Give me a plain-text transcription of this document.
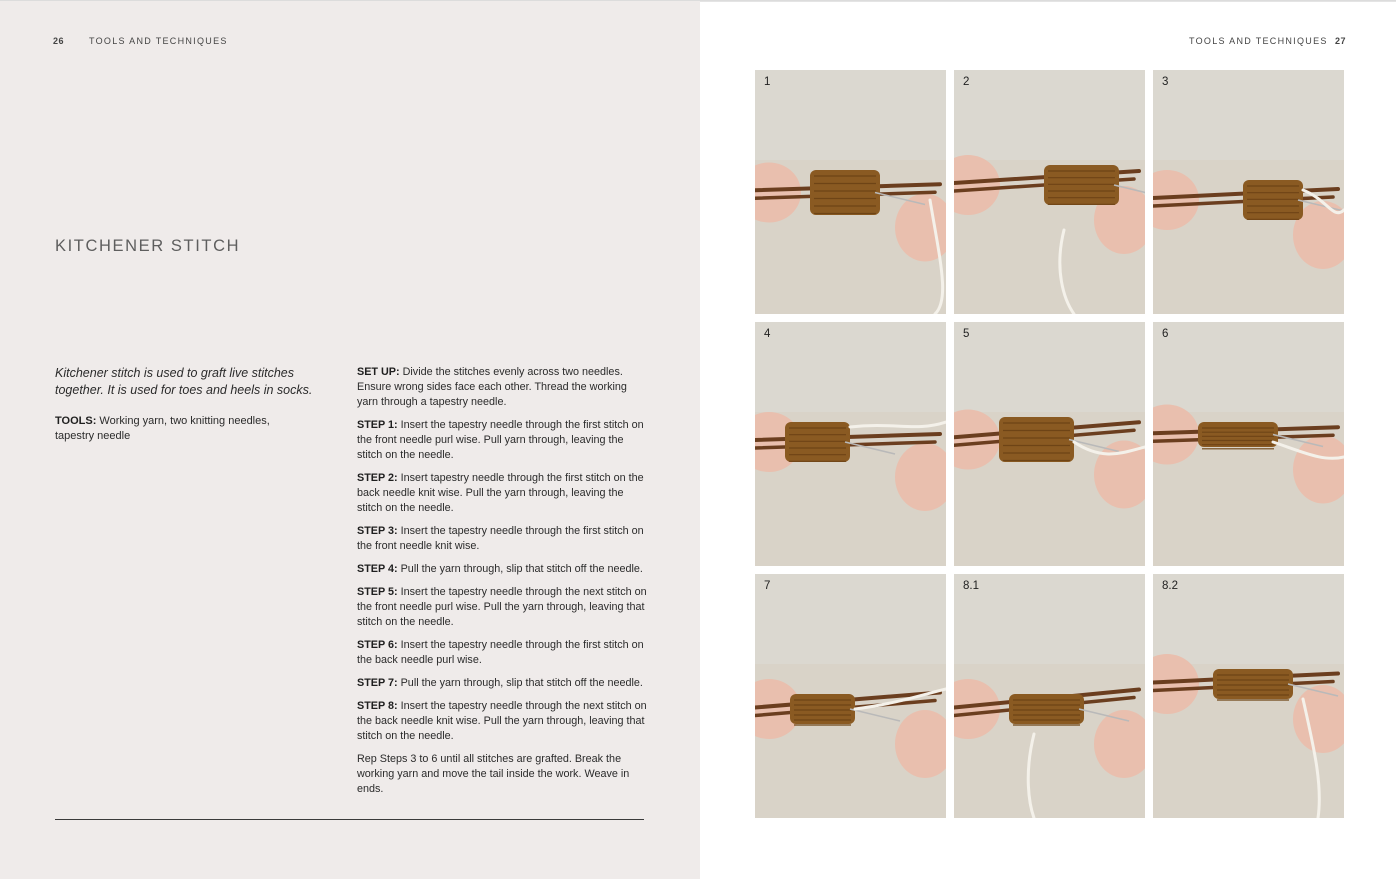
26	TOOLS AND TECHNIQUES
KITCHENER STITCH
Kitchener stitch is used to graft live stitches together. It is used for toes and heels in socks.
TOOLS: Working yarn, two knitting needles, tapestry needle

SET UP: Divide the stitches evenly across two needles. Ensure wrong sides face each other. Thread the working yarn through a tapestry needle.

STEP 1: Insert the tapestry needle through the first stitch on the front needle purl wise. Pull yarn through, leaving the stitch on the needle.

STEP 2: Insert tapestry needle through the first stitch on the back needle knit wise. Pull the yarn through, leaving the stitch on the needle.

STEP 3: Insert the tapestry needle through the first stitch on the front needle knit wise.

STEP 4: Pull the yarn through, slip that stitch off the needle.

STEP 5: Insert the tapestry needle through the next stitch on the front needle purl wise. Pull the yarn through, leaving that stitch on the needle.

STEP 6: Insert the tapestry needle through the first stitch on the back needle purl wise.

STEP 7: Pull the yarn through, slip that stitch off the needle.

STEP 8: Insert the tapestry needle through the next stitch on the back needle knit wise. Pull the yarn through, leaving that stitch on the needle.

Rep Steps 3 to 6 until all stitches are grafted. Break the working yarn and move the tail inside the work. Weave in ends.

TOOLS AND TECHNIQUES 27
1	2	3
4	5	6
7	8.1	8.2
